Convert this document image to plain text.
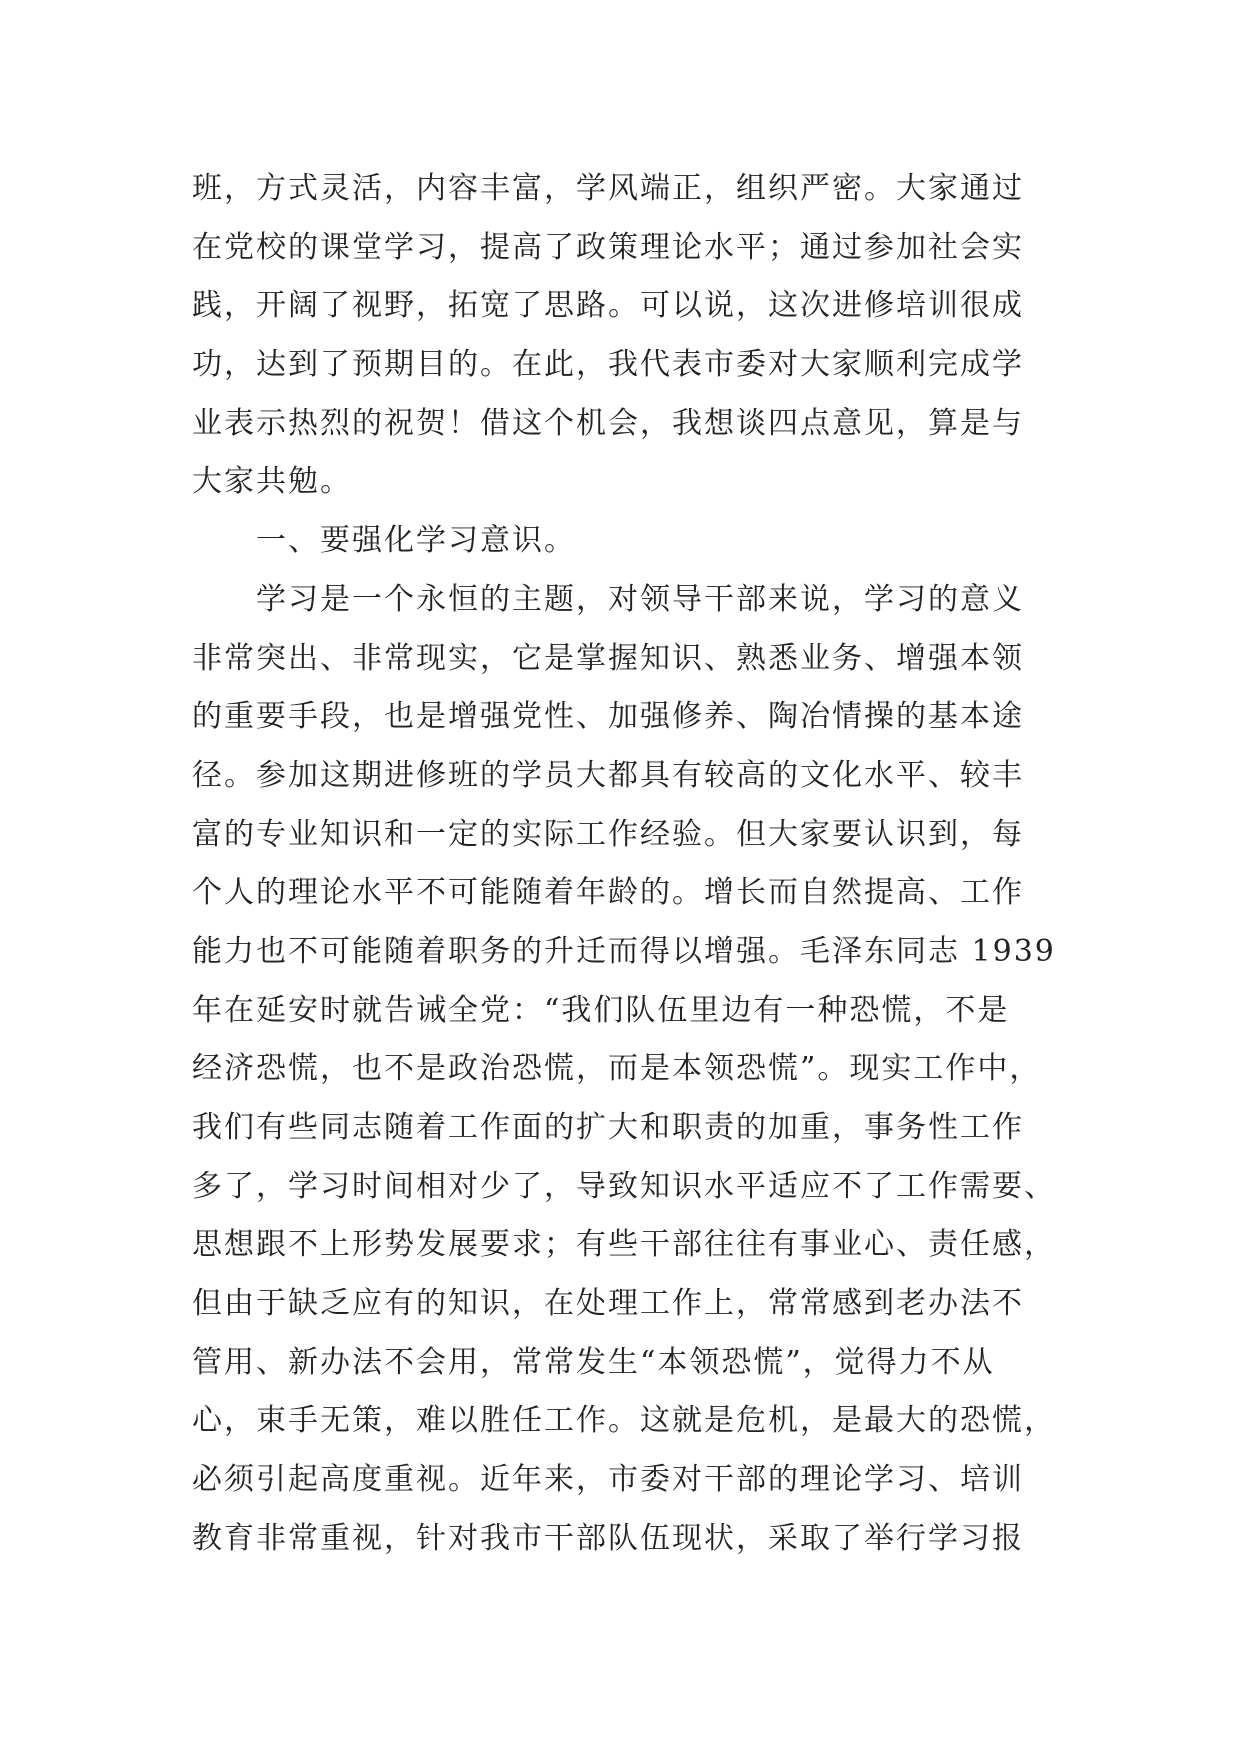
班，方式灵活，内容丰富，学风端正，组织严密。大家通过
在党校的课堂学习，提高了政策理论水平；通过参加社会实
践，开阔了视野，拓宽了思路。可以说，这次进修培训很成
功，达到了预期目的。在此，我代表市委对大家顺利完成学
业表示热烈的祝贺！借这个机会，我想谈四点意见，算是与
大家共勉。
一、要强化学习意识。
学习是一个永恒的主题，对领导干部来说，学习的意义
非常突出、非常现实，它是掌握知识、熟悉业务、增强本领
的重要手段，也是增强党性、加强修养、陶冶情操的基本途
径。参加这期进修班的学员大都具有较高的文化水平、较丰
富的专业知识和一定的实际工作经验。但大家要认识到，每
个人的理论水平不可能随着年龄的。增长而自然提高、工作
能力也不可能随着职务的升迁而得以增强。毛泽东同志 1939
年在延安时就告诫全党：“我们队伍里边有一种恐慌，不是
经济恐慌，也不是政治恐慌，而是本领恐慌”。现实工作中，
我们有些同志随着工作面的扩大和职责的加重，事务性工作
多了，学习时间相对少了，导致知识水平适应不了工作需要、
思想跟不上形势发展要求；有些干部往往有事业心、责任感，
但由于缺乏应有的知识，在处理工作上，常常感到老办法不
管用、新办法不会用，常常发生“本领恐慌”，觉得力不从
心，束手无策，难以胜任工作。这就是危机，是最大的恐慌，
必须引起高度重视。近年来，市委对干部的理论学习、培训
教育非常重视，针对我市干部队伍现状，采取了举行学习报
